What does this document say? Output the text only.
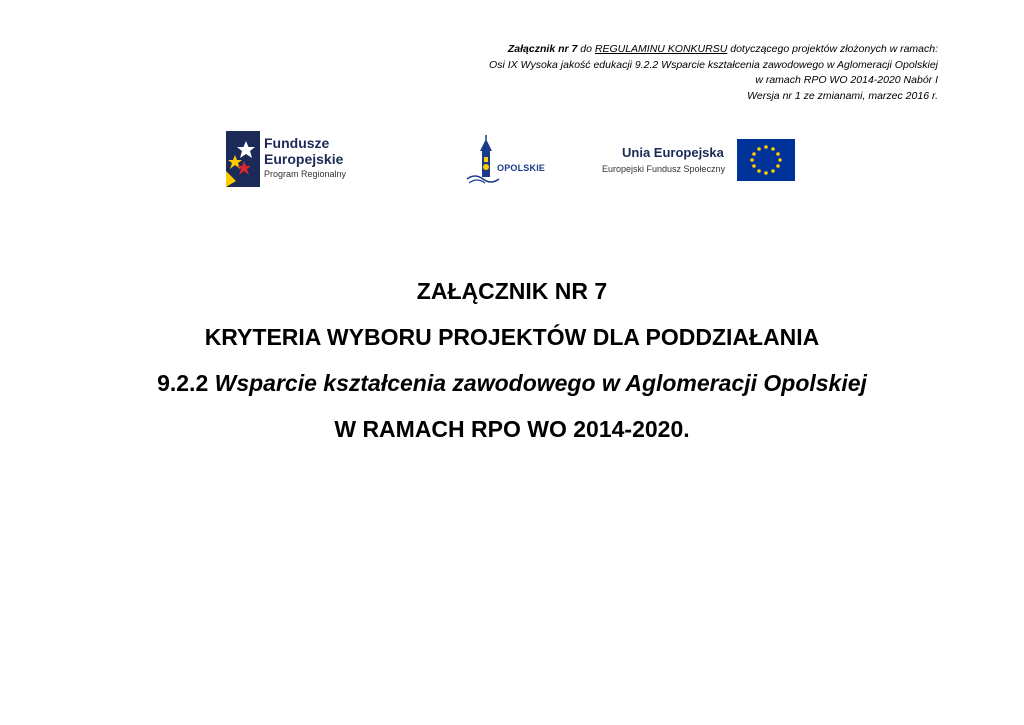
Załącznik nr 7 do REGULAMINU KONKURSU dotyczącego projektów złożonych w ramach:
Osi IX Wysoka jakość edukacji 9.2.2 Wsparcie kształcenia zawodowego w Aglomeracji Opolskiej
w ramach RPO WO 2014-2020 Nabór I
Wersja nr 1 ze zmianami, marzec 2016 r.
Fundusze
Europejskie
Program Regionalny
OPOLSKIE
Unia Europejska
Europejski Fundusz Społeczny
ZAŁĄCZNIK NR 7
KRYTERIA WYBORU PROJEKTÓW DLA PODDZIAŁANIA
9.2.2 Wsparcie kształcenia zawodowego w Aglomeracji Opolskiej
W RAMACH RPO WO 2014-2020.
